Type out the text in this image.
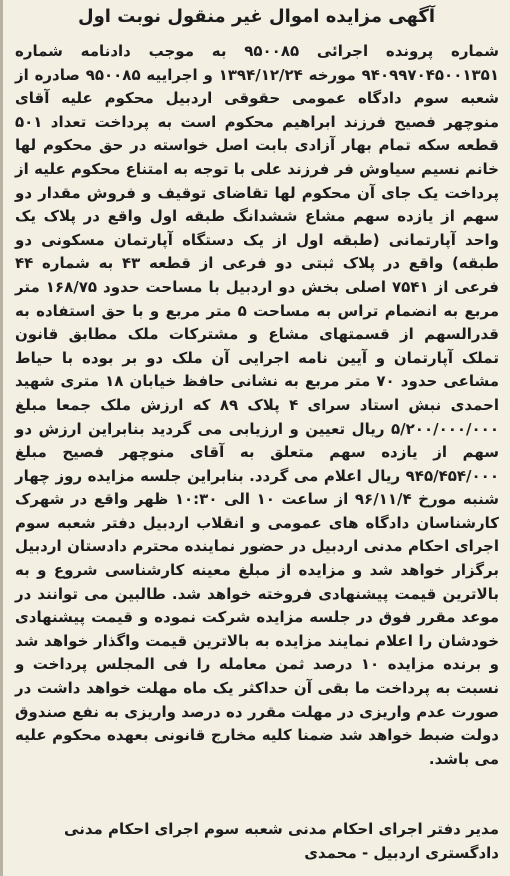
آگهی مزایده اموال غیر منقول نوبت اول

شماره پرونده اجرائی ۹۵۰۰۸۵ به موجب دادنامه شماره ۹۴۰۹۹۷۰۴۵۰۰۱۳۵۱ مورخه ۱۳۹۴/۱۲/۲۴ و اجراییه ۹۵۰۰۸۵ صادره از شعبه سوم دادگاه عمومی حقوقی اردبیل محکوم علیه آقای منوچهر فصیح فرزند ابراهیم محکوم است به پرداخت تعداد ۵۰۱ قطعه سکه تمام بهار آزادی بابت اصل خواسته در حق محکوم لها خانم نسیم سیاوش فر فرزند علی با توجه به امتناع محکوم علیه از پرداخت یک جای آن محکوم لها تقاضای توقیف و فروش مقدار دو سهم از یازده سهم مشاع ششدانگ طبقه اول واقع در پلاک یک واحد آپارتمانی (طبقه اول از یک دستگاه آپارتمان مسکونی دو طبقه) واقع در پلاک ثبتی دو فرعی از قطعه ۴۳ به شماره ۴۴ فرعی از ۷۵۴۱ اصلی بخش دو اردبیل با مساحت حدود ۱۶۸/۷۵ متر مربع به انضمام تراس به مساحت ۵ متر مربع و با حق استفاده به قدرالسهم از قسمتهای مشاع و مشترکات ملک مطابق قانون تملک آپارتمان و آیین نامه اجرایی آن ملک دو بر بوده با حیاط مشاعی حدود ۷۰ متر مربع به نشانی حافظ خیابان ۱۸ متری شهید احمدی نبش استاد سرای ۴ پلاک ۸۹ که ارزش ملک جمعا مبلغ ۵/۲۰۰/۰۰۰/۰۰۰ ریال تعیین و ارزیابی می گردید بنابراین ارزش دو سهم از یازده سهم متعلق به آقای منوچهر فصیح مبلغ ۹۴۵/۴۵۴/۰۰۰ ریال اعلام می گردد. بنابراین جلسه مزایده روز چهار شنبه مورخ ۹۶/۱۱/۴ از ساعت ۱۰ الی ۱۰:۳۰ ظهر واقع در شهرک کارشناسان دادگاه های عمومی و انقلاب اردبیل دفتر شعبه سوم اجرای احکام مدنی اردبیل در حضور نماینده محترم دادستان اردبیل برگزار خواهد شد و مزایده از مبلغ معینه کارشناسی شروع و به بالاترین قیمت پیشنهادی فروخته خواهد شد. طالبین می توانند در موعد مقرر فوق در جلسه مزایده شرکت نموده و قیمت پیشنهادی خودشان را اعلام نمایند مزایده به بالاترین قیمت واگذار خواهد شد و برنده مزایده ۱۰ درصد ثمن معامله را فی المجلس پرداخت و نسبت به پرداخت ما بقی آن حداکثر یک ماه مهلت خواهد داشت در صورت عدم واریزی در مهلت مقرر ده درصد واریزی به نفع صندوق دولت ضبط خواهد شد ضمنا کلیه مخارج قانونی بعهده محکوم علیه می باشد.

مدیر دفتر اجرای احکام مدنی شعبه سوم اجرای احکام مدنی دادگستری اردبیل - محمدی
